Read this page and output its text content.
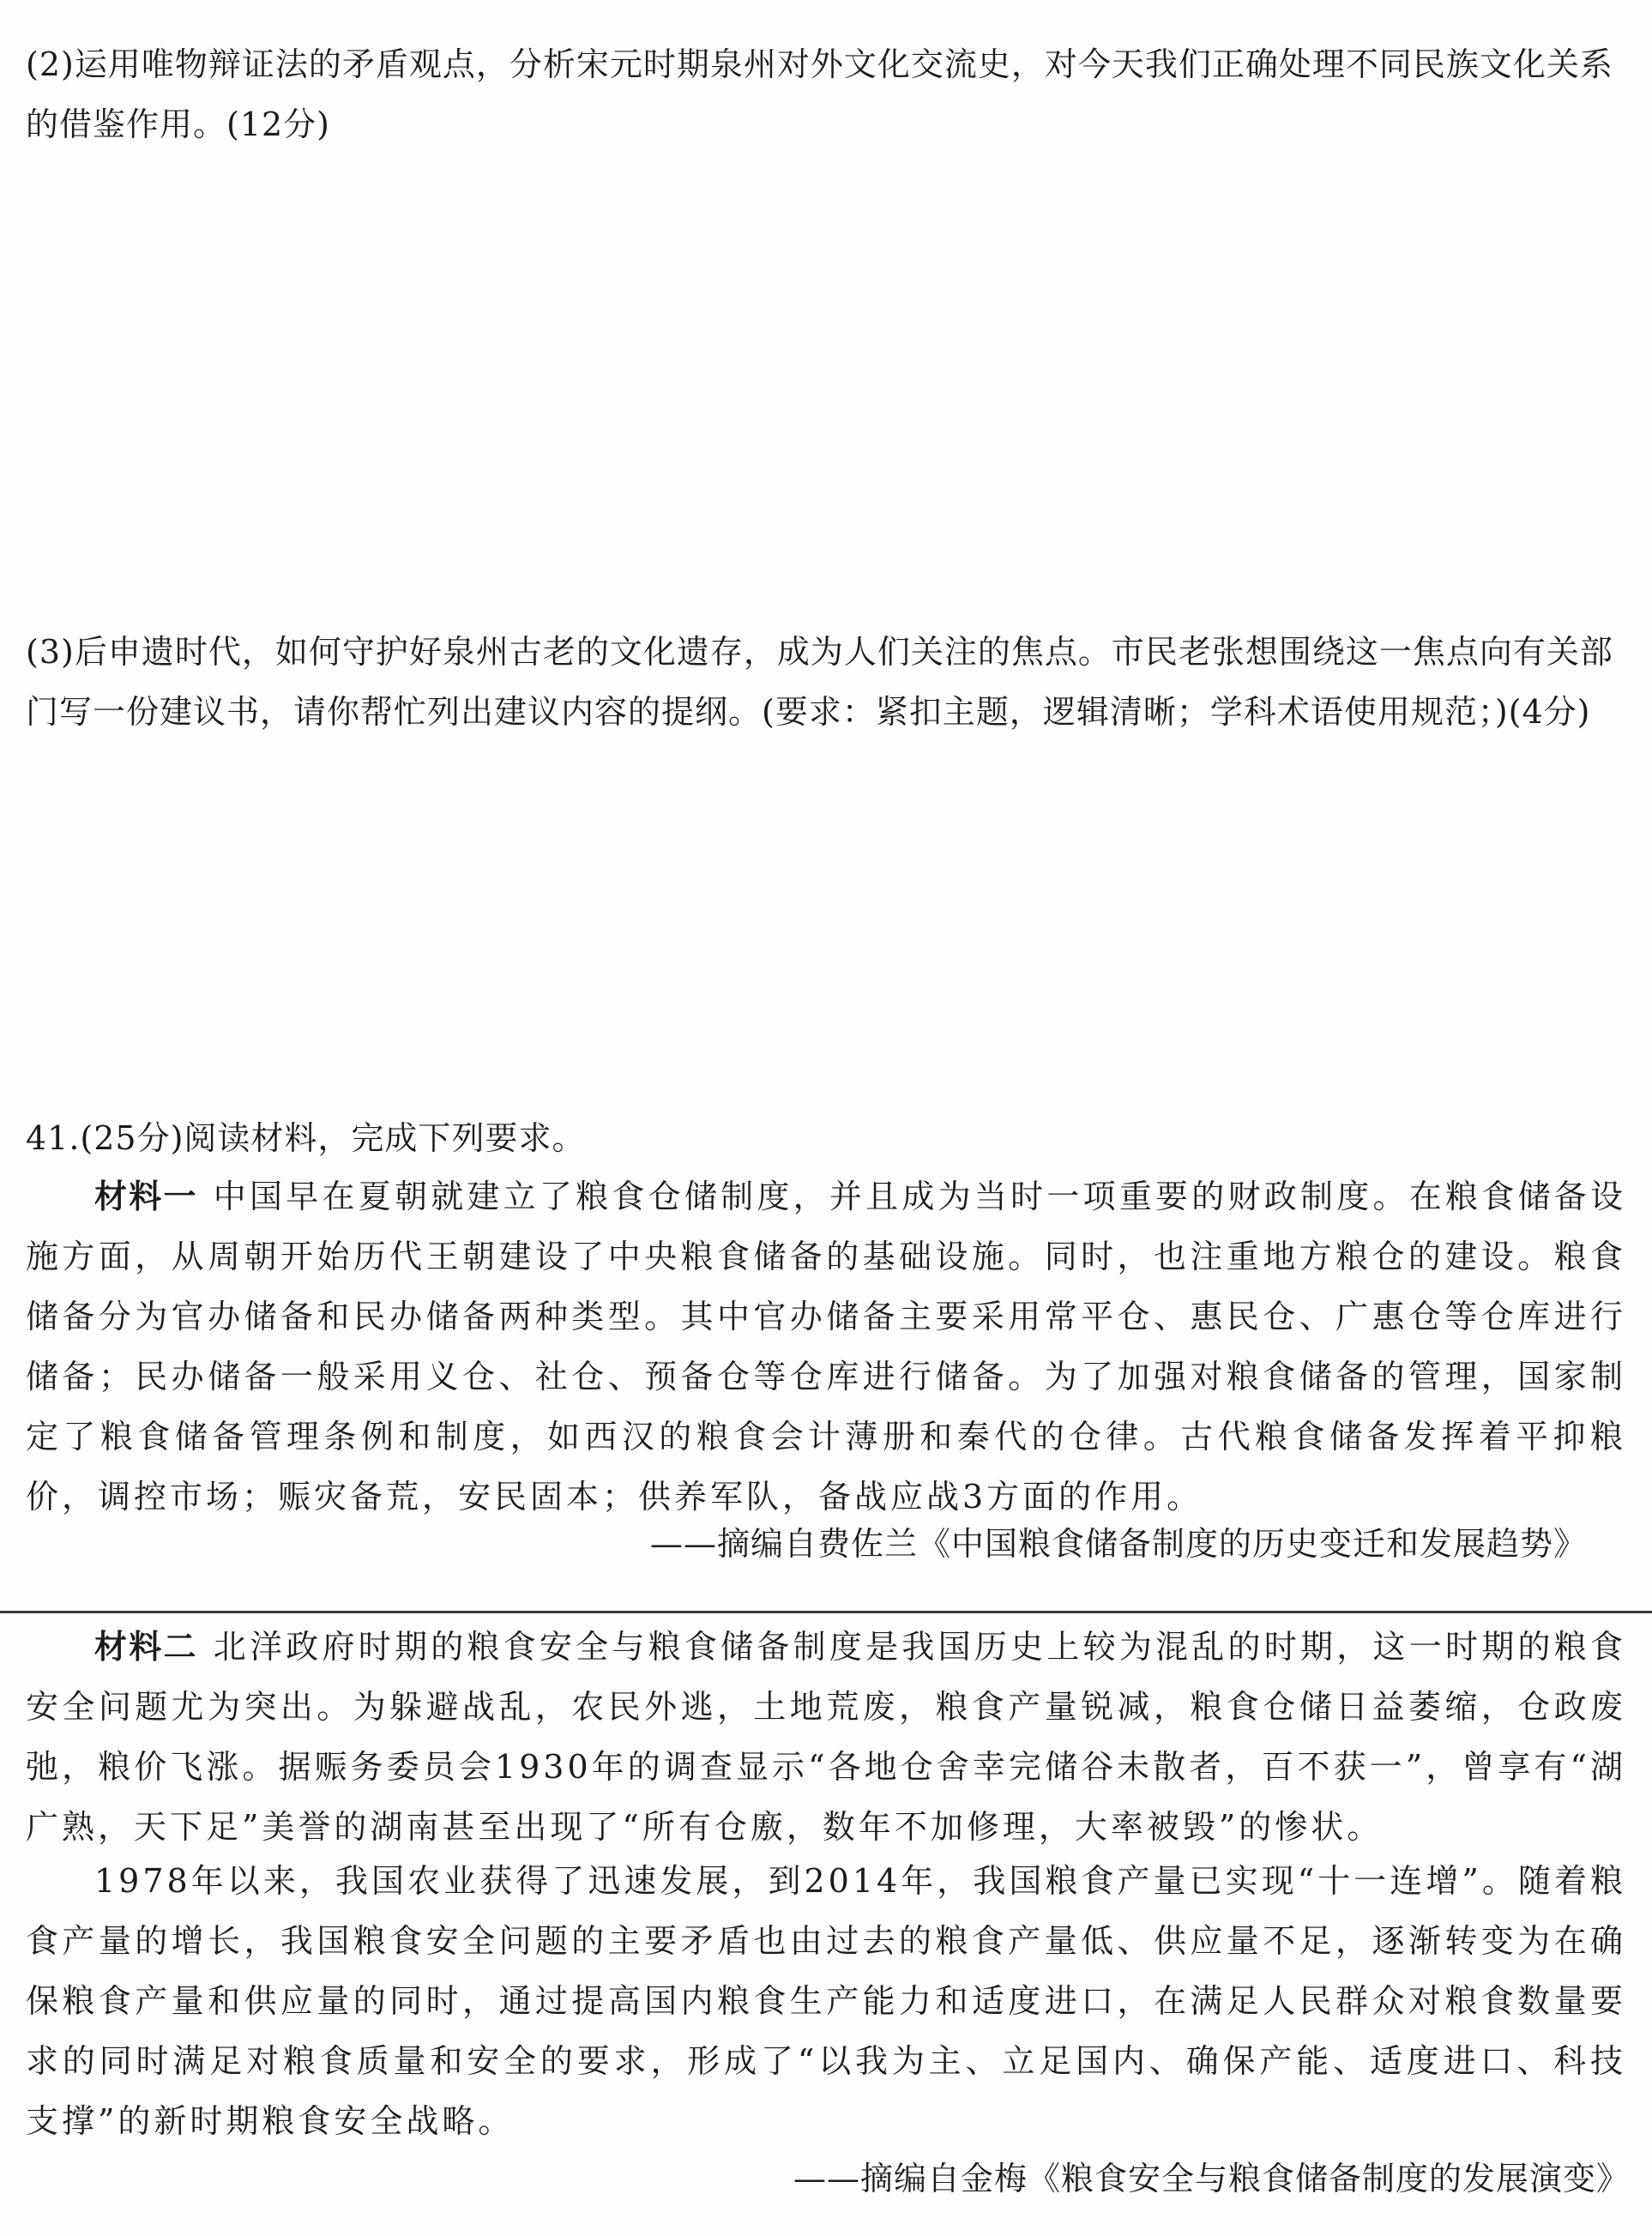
(2)运用唯物辩证法的矛盾观点，分析宋元时期泉州对外文化交流史，对今天我们正确处理不同民族文化关系的借鉴作用。(12分)
(3)后申遗时代，如何守护好泉州古老的文化遗存，成为人们关注的焦点。市民老张想围绕这一焦点向有关部门写一份建议书，请你帮忙列出建议内容的提纲。(要求：紧扣主题，逻辑清晰；学科术语使用规范；)(4分)
​
41.(25分)阅读材料，完成下列要求。
材料一 中国早在夏朝就建立了粮食仓储制度，并且成为当时一项重要的财政制度。在粮食储备设施方面，从周朝开始历代王朝建设了中央粮食储备的基础设施。同时，也注重地方粮仓的建设。粮食储备分为官办储备和民办储备两种类型。其中官办储备主要采用常平仓、惠民仓、广惠仓等仓库进行储备；民办储备一般采用义仓、社仓、预备仓等仓库进行储备。为了加强对粮食储备的管理，国家制定了粮食储备管理条例和制度，如西汉的粮食会计薄册和秦代的仓律。古代粮食储备发挥着平抑粮价，调控市场；赈灾备荒，安民固本；供养军队，备战应战3方面的作用。
——摘编自费佐兰《中国粮食储备制度的历史变迁和发展趋势》
材料二 北洋政府时期的粮食安全与粮食储备制度是我国历史上较为混乱的时期，这一时期的粮食安全问题尤为突出。为躲避战乱，农民外逃，土地荒废，粮食产量锐减，粮食仓储日益萎缩，仓政废弛，粮价飞涨。据赈务委员会1930年的调查显示“各地仓舍幸完储谷未散者，百不获一”，曾享有“湖广熟，天下足”美誉的湖南甚至出现了“所有仓廒，数年不加修理，大率被毁”的惨状。
1978年以来，我国农业获得了迅速发展，到2014年，我国粮食产量已实现“十一连增”。随着粮食产量的增长，我国粮食安全问题的主要矛盾也由过去的粮食产量低、供应量不足，逐渐转变为在确保粮食产量和供应量的同时，通过提高国内粮食生产能力和适度进口，在满足人民群众对粮食数量要求的同时满足对粮食质量和安全的要求，形成了“以我为主、立足国内、确保产能、适度进口、科技支撑”的新时期粮食安全战略。
——摘编自金梅《粮食安全与粮食储备制度的发展演变》
